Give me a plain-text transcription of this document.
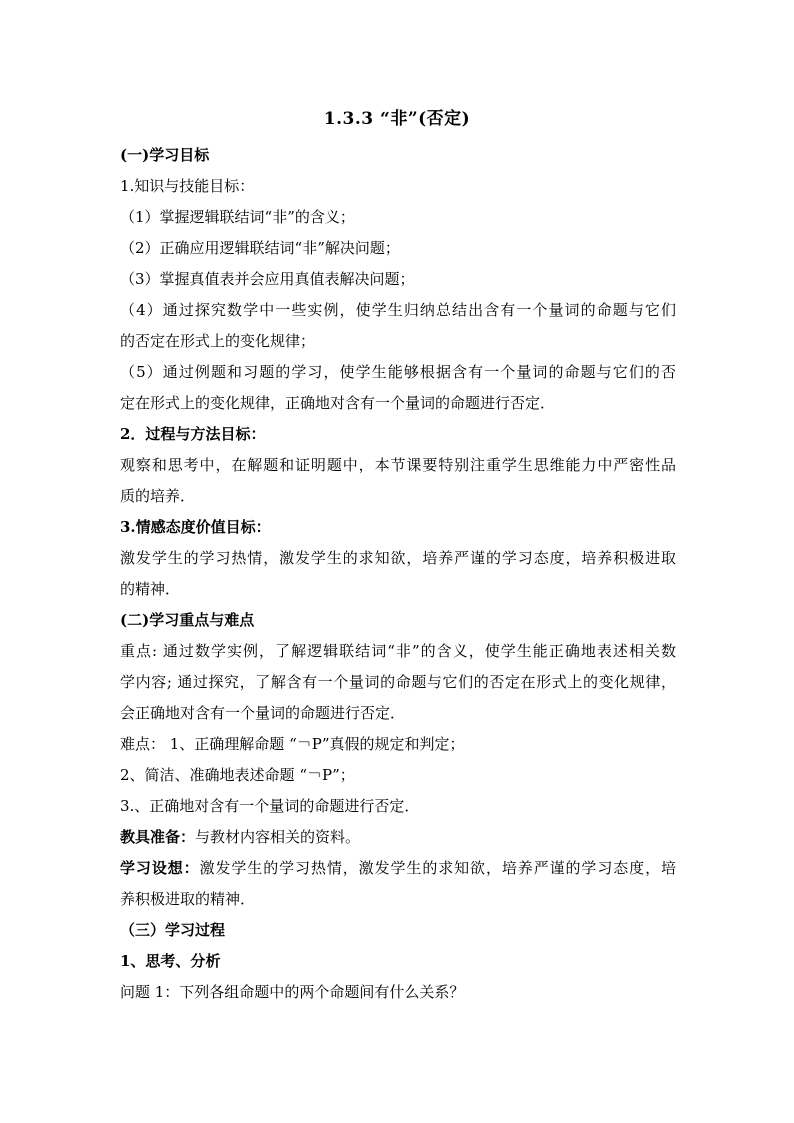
1.3.3 “非”(否定)
(一)学习目标
1.知识与技能目标：
（1）掌握逻辑联结词“非”的含义；
（2）正确应用逻辑联结词“非”解决问题；
（3）掌握真值表并会应用真值表解决问题；
（4）通过探究数学中一些实例，使学生归纳总结出含有一个量词的命题与它们
的否定在形式上的变化规律；
（5）通过例题和习题的学习，使学生能够根据含有一个量词的命题与它们的否
定在形式上的变化规律，正确地对含有一个量词的命题进行否定．
2．过程与方法目标：
观察和思考中，在解题和证明题中，本节课要特别注重学生思维能力中严密性品
质的培养．
3.情感态度价值目标：
激发学生的学习热情，激发学生的求知欲，培养严谨的学习态度，培养积极进取
的精神．
(二)学习重点与难点
重点: 通过数学实例，了解逻辑联结词“非”的含义，使学生能正确地表述相关数
学内容; 通过探究，了解含有一个量词的命题与它们的否定在形式上的变化规律，
会正确地对含有一个量词的命题进行否定．
难点： 1、正确理解命题 “￢P”真假的规定和判定；
2、简洁、准确地表述命题 “￢P”；
3.、正确地对含有一个量词的命题进行否定．
教具准备：与教材内容相关的资料。
学习设想：激发学生的学习热情，激发学生的求知欲，培养严谨的学习态度，培
养积极进取的精神．
（三）学习过程
1、思考、分析
问题 1：下列各组命题中的两个命题间有什么关系？
